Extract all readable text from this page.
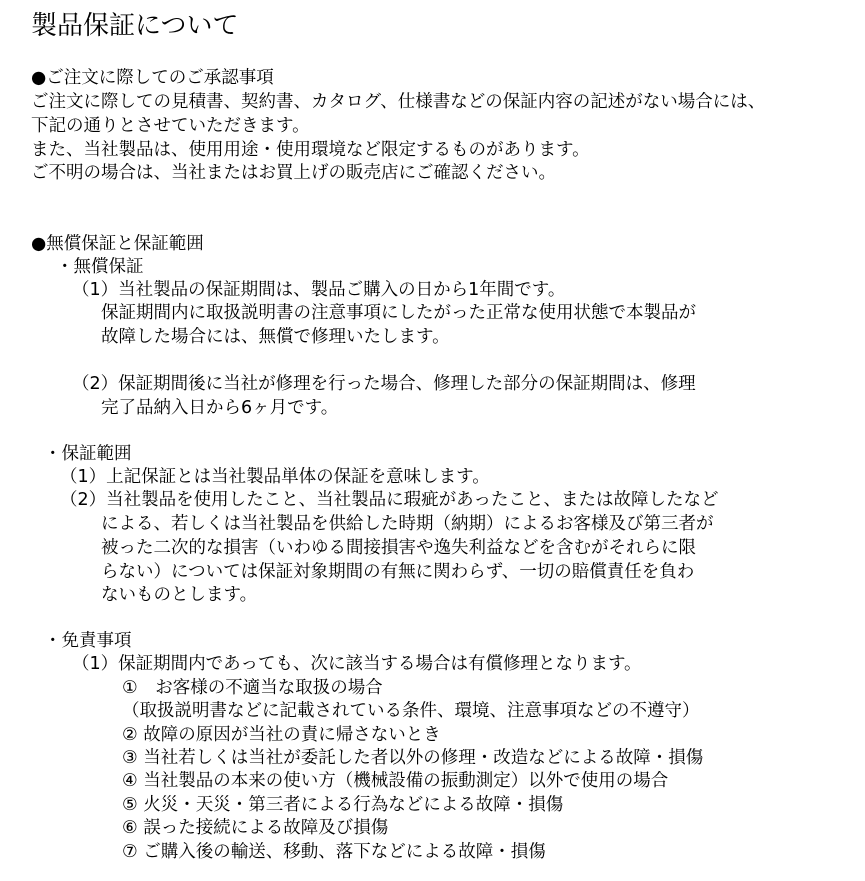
製品保証について
●ご注文に際してのご承認事項
ご注文に際しての見積書、契約書、カタログ、仕様書などの保証内容の記述がない場合には、
下記の通りとさせていただきます。
また、当社製品は、使用用途・使用環境など限定するものがあります。
ご不明の場合は、当社またはお買上げの販売店にご確認ください。
●無償保証と保証範囲
・無償保証
（1）当社製品の保証期間は、製品ご購入の日から1年間です。
保証期間内に取扱説明書の注意事項にしたがった正常な使用状態で本製品が
故障した場合には、無償で修理いたします。
（2）保証期間後に当社が修理を行った場合、修理した部分の保証期間は、修理
完了品納入日から6ヶ月です。
・保証範囲
（1）上記保証とは当社製品単体の保証を意味します。
（2）当社製品を使用したこと、当社製品に瑕疵があったこと、または故障したなど
による、若しくは当社製品を供給した時期（納期）によるお客様及び第三者が
被った二次的な損害（いわゆる間接損害や逸失利益などを含むがそれらに限
らない）については保証対象期間の有無に関わらず、一切の賠償責任を負わ
ないものとします。
・免責事項
（1）保証期間内であっても、次に該当する場合は有償修理となります。
①　お客様の不適当な取扱の場合
（取扱説明書などに記載されている条件、環境、注意事項などの不遵守）
② 故障の原因が当社の責に帰さないとき
③ 当社若しくは当社が委託した者以外の修理・改造などによる故障・損傷
④ 当社製品の本来の使い方（機械設備の振動測定）以外で使用の場合
⑤ 火災・天災・第三者による行為などによる故障・損傷
⑥ 誤った接続による故障及び損傷
⑦ ご購入後の輸送、移動、落下などによる故障・損傷
